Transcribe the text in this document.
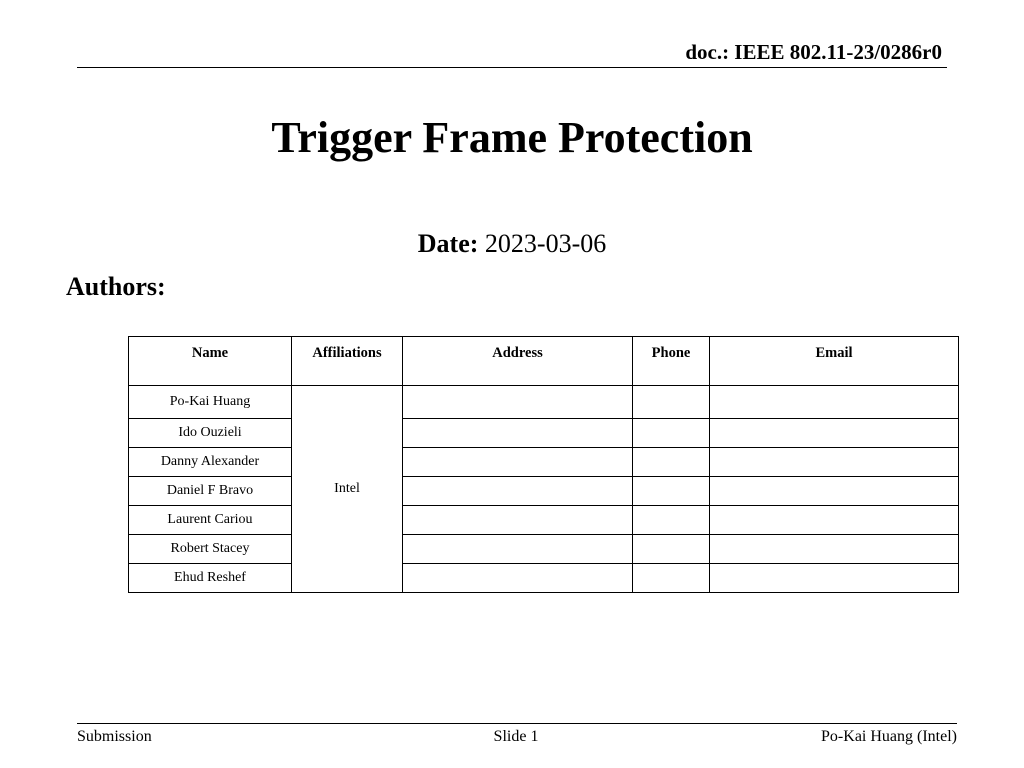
doc.: IEEE 802.11-23/0286r0
Trigger Frame Protection
Date: 2023-03-06
Authors:
Name	Affiliations	Address	Phone	Email
Po-Kai Huang	Intel			
Ido Ouzieli				
Danny Alexander				
Daniel F Bravo				
Laurent Cariou				
Robert Stacey				
Ehud Reshef				
Submission	Slide 1	Po-Kai Huang (Intel)
